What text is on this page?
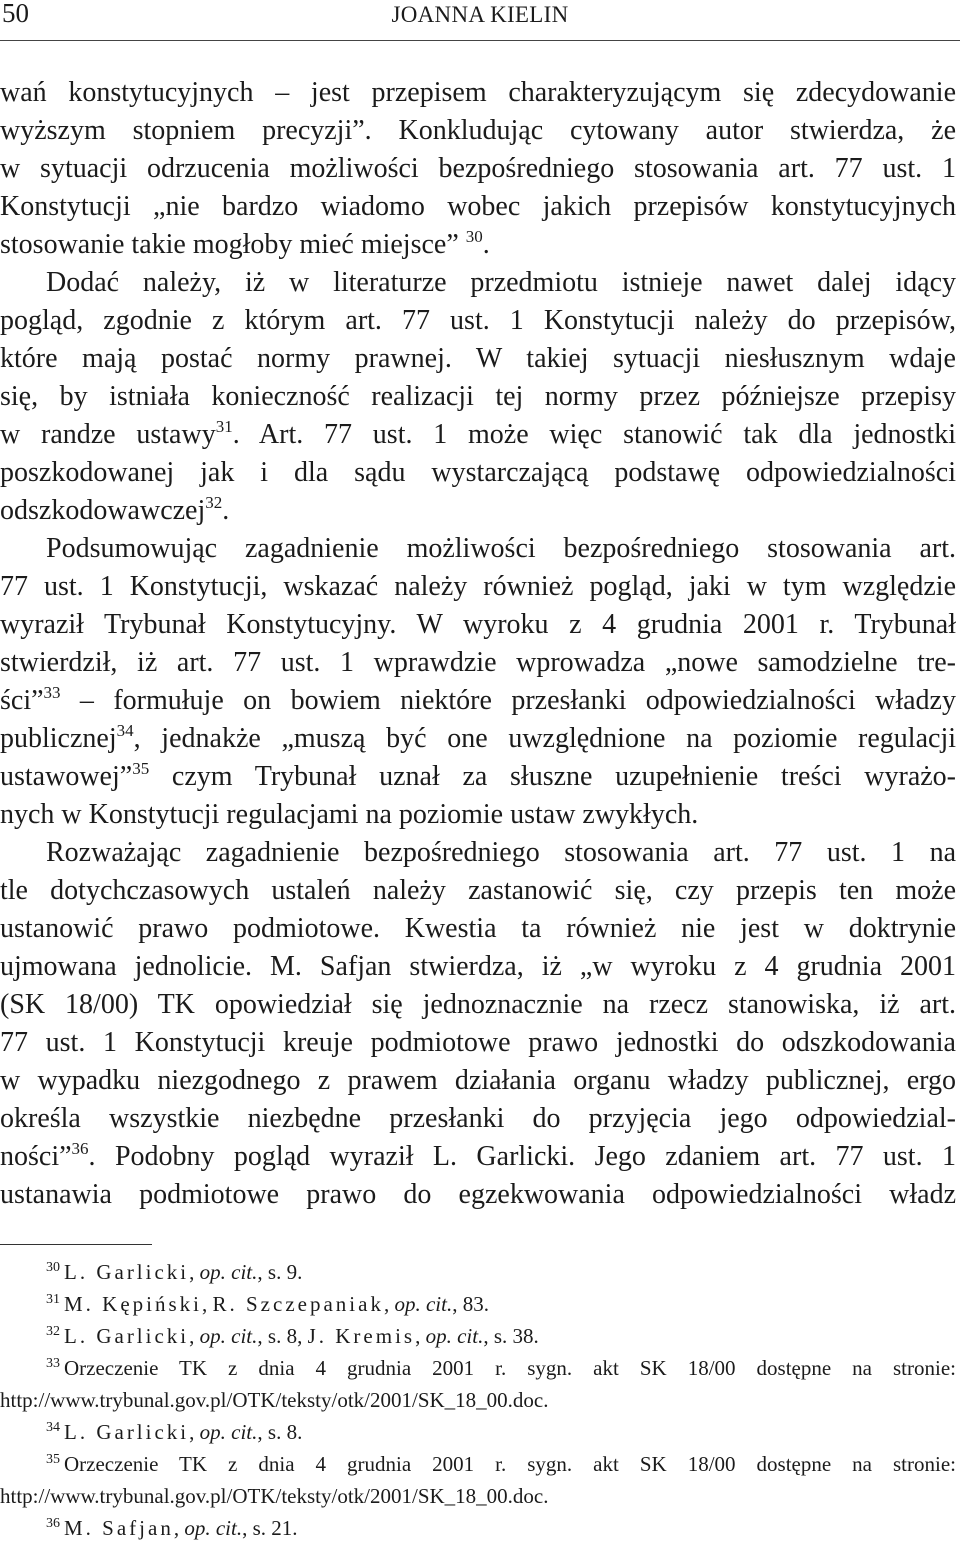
50	JOANNA KIELIN
wań konstytucyjnych – jest przepisem charakteryzującym się zdecydowanie
wyższym stopniem precyzji”. Konkludując cytowany autor stwierdza, że
w sytuacji odrzucenia możliwości bezpośredniego stosowania art. 77 ust. 1
Konstytucji „nie bardzo wiadomo wobec jakich przepisów konstytucyjnych
stosowanie takie mogłoby mieć miejsce” $^{30}$.
Dodać należy, iż w literaturze przedmiotu istnieje nawet dalej idący
pogląd, zgodnie z którym art. 77 ust. 1 Konstytucji należy do przepisów,
które mają postać normy prawnej. W takiej sytuacji niesłusznym wdaje
się, by istniała konieczność realizacji tej normy przez późniejsze przepisy
w randze ustawy$^{31}$. Art. 77 ust. 1 może więc stanowić tak dla jednostki
poszkodowanej jak i dla sądu wystarczającą podstawę odpowiedzialności
odszkodowawczej$^{32}$.
Podsumowując zagadnienie możliwości bezpośredniego stosowania art.
77 ust. 1 Konstytucji, wskazać należy również pogląd, jaki w tym względzie
wyraził Trybunał Konstytucyjny. W wyroku z 4 grudnia 2001 r. Trybunał
stwierdził, iż art. 77 ust. 1 wprawdzie wprowadza „nowe samodzielne tre-
ści”$^{33}$ – formułuje on bowiem niektóre przesłanki odpowiedzialności władzy
publicznej$^{34}$, jednakże „muszą być one uwzględnione na poziomie regulacji
ustawowej”$^{35}$ czym Trybunał uznał za słuszne uzupełnienie treści wyrażo-
nych w Konstytucji regulacjami na poziomie ustaw zwykłych.
Rozważając zagadnienie bezpośredniego stosowania art. 77 ust. 1 na
tle dotychczasowych ustaleń należy zastanowić się, czy przepis ten może
ustanowić prawo podmiotowe. Kwestia ta również nie jest w doktrynie
ujmowana jednolicie. M. Safjan stwierdza, iż „w wyroku z 4 grudnia 2001
(SK 18/00) TK opowiedział się jednoznacznie na rzecz stanowiska, iż art.
77 ust. 1 Konstytucji kreuje podmiotowe prawo jednostki do odszkodowania
w wypadku niezgodnego z prawem działania organu władzy publicznej, ergo
określa wszystkie niezbędne przesłanki do przyjęcia jego odpowiedzial-
ności”$^{36}$. Podobny pogląd wyraził L. Garlicki. Jego zdaniem art. 77 ust. 1
ustanawia podmiotowe prawo do egzekwowania odpowiedzialności władz
$^{30}$ L. Garlicki, op. cit., s. 9.
$^{31}$ M. Kępiński, R. Szczepaniak, op. cit., 83.
$^{32}$ L. Garlicki, op. cit., s. 8, J. Kremis, op. cit., s. 38.
$^{33}$ Orzeczenie TK z dnia 4 grudnia 2001 r. sygn. akt SK 18/00 dostępne na stronie:
http://www.trybunal.gov.pl/OTK/teksty/otk/2001/SK_18_00.doc.
$^{34}$ L. Garlicki, op. cit., s. 8.
$^{35}$ Orzeczenie TK z dnia 4 grudnia 2001 r. sygn. akt SK 18/00 dostępne na stronie:
http://www.trybunal.gov.pl/OTK/teksty/otk/2001/SK_18_00.doc.
$^{36}$ M. Safjan, op. cit., s. 21.
